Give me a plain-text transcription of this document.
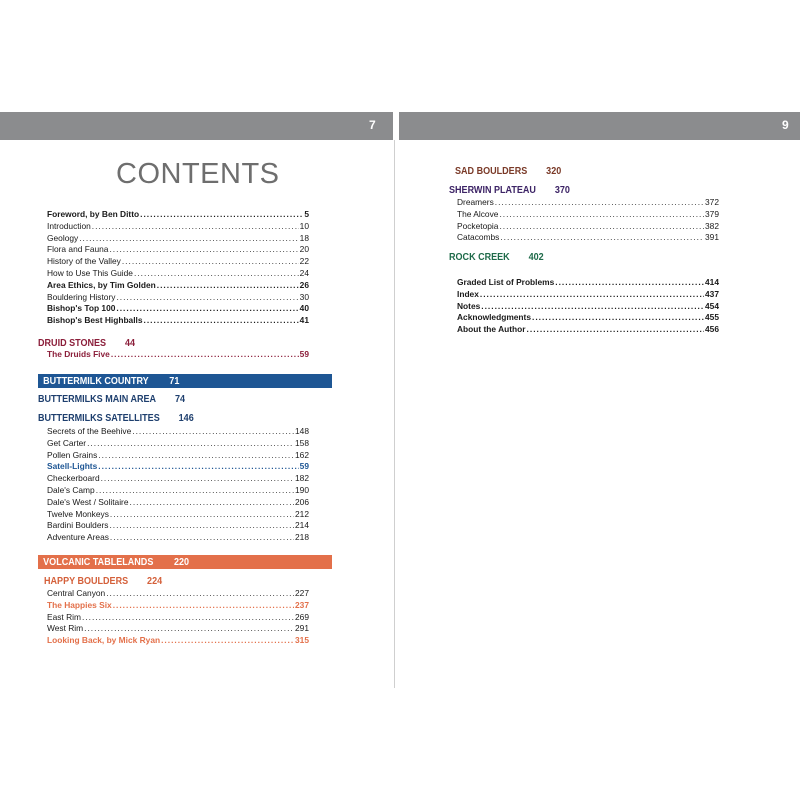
7	9
CONTENTS
Foreword, by Ben Ditto .....	5
Introduction .....	10
Geology .....	18
Flora and Fauna .....	20
History of the Valley .....	22
How to Use This Guide .....	24
Area Ethics, by Tim Golden .....	26
Bouldering History .....	30
Bishop's Top 100 .....	40
Bishop's Best Highballs .....	41
DRUID STONES 44
The Druids Five .....	59
BUTTERMILK COUNTRY 71
BUTTERMILKS MAIN AREA 74
BUTTERMILKS SATELLITES 146
Secrets of the Beehive .....	148
Get Carter .....	158
Pollen Grains .....	162
Satell-Lights .....	59
Checkerboard .....	182
Dale's Camp .....	190
Dale's West / Solitaire .....	206
Twelve Monkeys .....	212
Bardini Boulders .....	214
Adventure Areas .....	218
VOLCANIC TABLELANDS 220
HAPPY BOULDERS 224
Central Canyon .....	227
The Happies Six .....	237
East Rim .....	269
West Rim .....	291
Looking Back, by Mick Ryan .....	315
SAD BOULDERS 320
SHERWIN PLATEAU 370
Dreamers .....	372
The Alcove .....	379
Pocketopia .....	382
Catacombs .....	391
ROCK CREEK 402
Graded List of Problems .....	414
Index .....	437
Notes .....	454
Acknowledgments .....	455
About the Author .....	456
